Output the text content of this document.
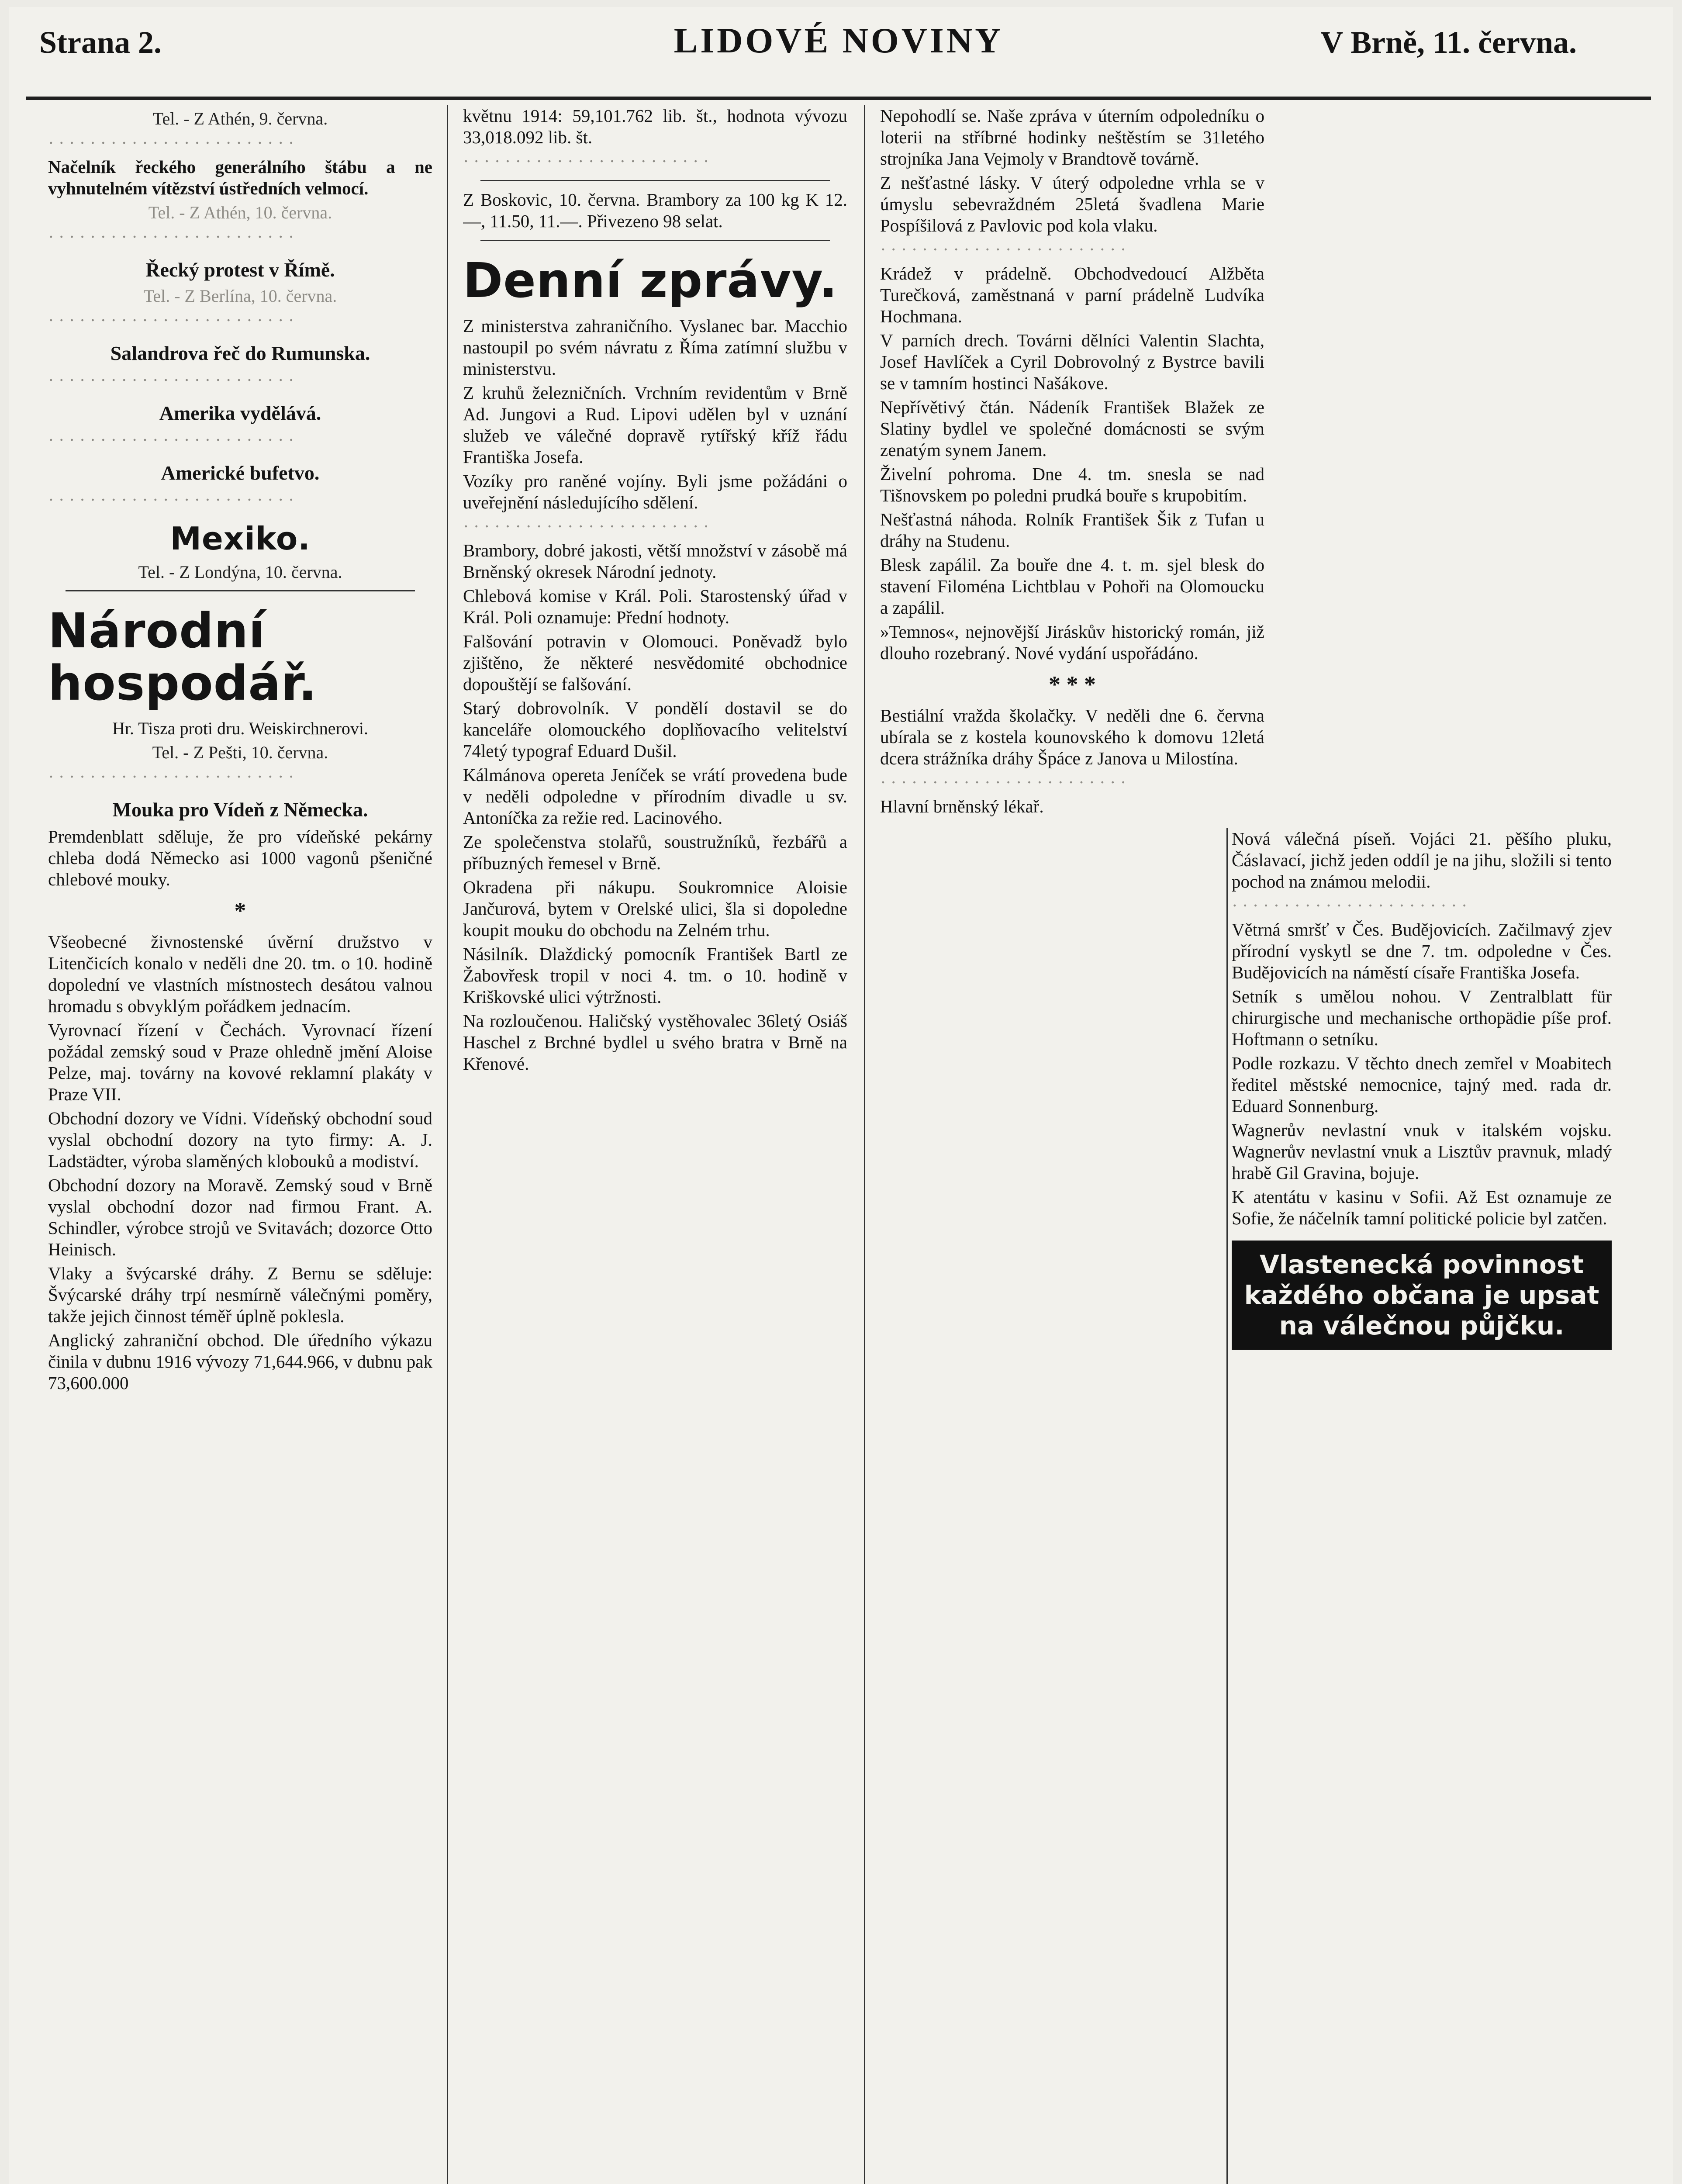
Strana 2.	LIDOVÉ NOVINY	V Brně, 11. června.
Tel. - Z Athén, 9. června.

· · · · · · · · · · · · · · · · · · · · · · · ·

Načelník řeckého generálního štábu a ne vyhnutelném vítězství ústředních velmocí.

Tel. - Z Athén, 10. června.

· · · · · · · · · · · · · · · · · · · · · · · ·

Řecký protest v Římě.
Tel. - Z Berlína, 10. června.

· · · · · · · · · · · · · · · · · · · · · · · ·

Salandrova řeč do Rumunska.

· · · · · · · · · · · · · · · · · · · · · · · ·

Amerika vydělává.

· · · · · · · · · · · · · · · · · · · · · · · ·

Americké bufetvo.

· · · · · · · · · · · · · · · · · · · · · · · ·

Mexiko.
Tel. - Z Londýna, 10. června.
Národní hospodář.
Hr. Tisza proti dru. Weiskirchnerovi.
Tel. - Z Pešti, 10. června.

· · · · · · · · · · · · · · · · · · · · · · · ·

Mouka pro Vídeň z Německa.

Premdenblatt sděluje, že pro vídeňské pekárny chleba dodá Německo asi 1000 vagonů pšeničné chlebové mouky.

*

Všeobecné živnostenské úvěrní družstvo v Litenčicích konalo v neděli dne 20. tm. o 10. hodině dopolední ve vlastních místnostech desátou valnou hromadu s obvyklým pořádkem jednacím.

Vyrovnací řízení v Čechách. Vyrovnací řízení požádal zemský soud v Praze ohledně jmění Aloise Pelze, maj. továrny na kovové reklamní plakáty v Praze VII.

Obchodní dozory ve Vídni. Vídeňský obchodní soud vyslal obchodní dozory na tyto firmy: A. J. Ladstädter, výroba slaměných klobouků a modiství.

Obchodní dozory na Moravě. Zemský soud v Brně vyslal obchodní dozor nad firmou Frant. A. Schindler, výrobce strojů ve Svitavách; dozorce Otto Heinisch.

Vlaky a švýcarské dráhy. Z Bernu se sděluje: Švýcarské dráhy trpí nesmírně válečnými poměry, takže jejich činnost téměř úplně poklesla.

Anglický zahraniční obchod. Dle úředního výkazu činila v dubnu 1916 vývozy 71,644.966, v dubnu pak 73,600.000

květnu 1914: 59,101.762 lib. št., hodnota vývozu 33,018.092 lib. št.

· · · · · · · · · · · · · · · · · · · · · · · ·

Z Boskovic, 10. června. Brambory za 100 kg K 12.—, 11.50, 11.—. Přivezeno 98 selat.

Denní zprávy.

Z ministerstva zahraničního. Vyslanec bar. Macchio nastoupil po svém návratu z Říma zatímní službu v ministerstvu.

Z kruhů železničních. Vrchním revidentům v Brně Ad. Jungovi a Rud. Lipovi udělen byl v uznání služeb ve válečné dopravě rytířský kříž řádu Františka Josefa.

Vozíky pro raněné vojíny. Byli jsme požádáni o uveřejnění následujícího sdělení.

· · · · · · · · · · · · · · · · · · · · · · · ·

Brambory, dobré jakosti, větší množství v zásobě má Brněnský okresek Národní jednoty.

Chlebová komise v Král. Poli. Starostenský úřad v Král. Poli oznamuje: Přední hodnoty.

Falšování potravin v Olomouci. Poněvadž bylo zjištěno, že některé nesvědomité obchodnice dopouštějí se falšování.

Starý dobrovolník. V pondělí dostavil se do kanceláře olomouckého doplňovacího velitelství 74letý typograf Eduard Dušil.

Kálmánova opereta Jeníček se vrátí provedena bude v neděli odpoledne v přírodním divadle u sv. Antoníčka za režie red. Lacinového.

Ze společenstva stolařů, soustružníků, řezbářů a příbuzných řemesel v Brně.

Okradena při nákupu. Soukromnice Aloisie Jančurová, bytem v Orelské ulici, šla si dopoledne koupit mouku do obchodu na Zelném trhu.

Násilník. Dlaždický pomocník František Bartl ze Žabovřesk tropil v noci 4. tm. o 10. hodině v Kriškovské ulici výtržnosti.

Na rozloučenou. Haličský vystěhovalec 36letý Osiáš Haschel z Brchné bydlel u svého bratra v Brně na Křenové.

Nepohodlí se. Naše zpráva v úterním odpoledníku o loterii na stříbrné hodinky neštěstím se 31letého strojníka Jana Vejmoly v Brandtově továrně.

Z nešťastné lásky. V úterý odpoledne vrhla se v úmyslu sebevraždném 25letá švadlena Marie Pospíšilová z Pavlovic pod kola vlaku.

· · · · · · · · · · · · · · · · · · · · · · · ·

Krádež v prádelně. Obchodvedoucí Alžběta Turečková, zaměstnaná v parní prádelně Ludvíka Hochmana.

V parních drech. Továrni dělníci Valentin Slachta, Josef Havlíček a Cyril Dobrovolný z Bystrce bavili se v tamním hostinci Našákove.

Nepřívětivý čtán. Nádeník František Blažek ze Slatiny bydlel ve společné domácnosti se svým zenatým synem Janem.

Živelní pohroma. Dne 4. tm. snesla se nad Tišnovskem po poledni prudká bouře s krupobitím.

Nešťastná náhoda. Rolník František Šik z Tufan u dráhy na Studenu.

Blesk zapálil. Za bouře dne 4. t. m. sjel blesk do stavení Filoména Lichtblau v Pohoři na Olomoucku a zapálil.

»Temnos«, nejnovější Jiráskův historický román, již dlouho rozebraný. Nové vydání uspořádáno.

* * *

Bestiální vražda školačky. V neděli dne 6. června ubírala se z kostela kounovského k domovu 12letá dcera strážníka dráhy Špáce z Janova u Milostína.

· · · · · · · · · · · · · · · · · · · · · · · ·

Hlavní brněnský lékař.

Nová válečná píseň. Vojáci 21. pěšího pluku, Čáslavací, jichž jeden oddíl je na jihu, složili si tento pochod na známou melodii.

· · · · · · · · · · · · · · · · · · · · · · ·

Větrná smršť v Čes. Budějovicích. Začilmavý zjev přírodní vyskytl se dne 7. tm. odpoledne v Čes. Budějovicích na náměstí císaře Františka Josefa.

Setník s umělou nohou. V Zentralblatt für chirurgische und mechanische orthopädie píše prof. Hoftmann o setníku.

Podle rozkazu. V těchto dnech zemřel v Moabitech ředitel městské nemocnice, tajný med. rada dr. Eduard Sonnenburg.

Wagnerův nevlastní vnuk v italském vojsku. Wagnerův nevlastní vnuk a Lisztův pravnuk, mladý hrabě Gil Gravina, bojuje.

K atentátu v kasinu v Sofii. Až Est oznamuje ze Sofie, že náčelník tamní politické policie byl zatčen.

Vlastenecká povinnost každého občana je upsat na válečnou půjčku.
